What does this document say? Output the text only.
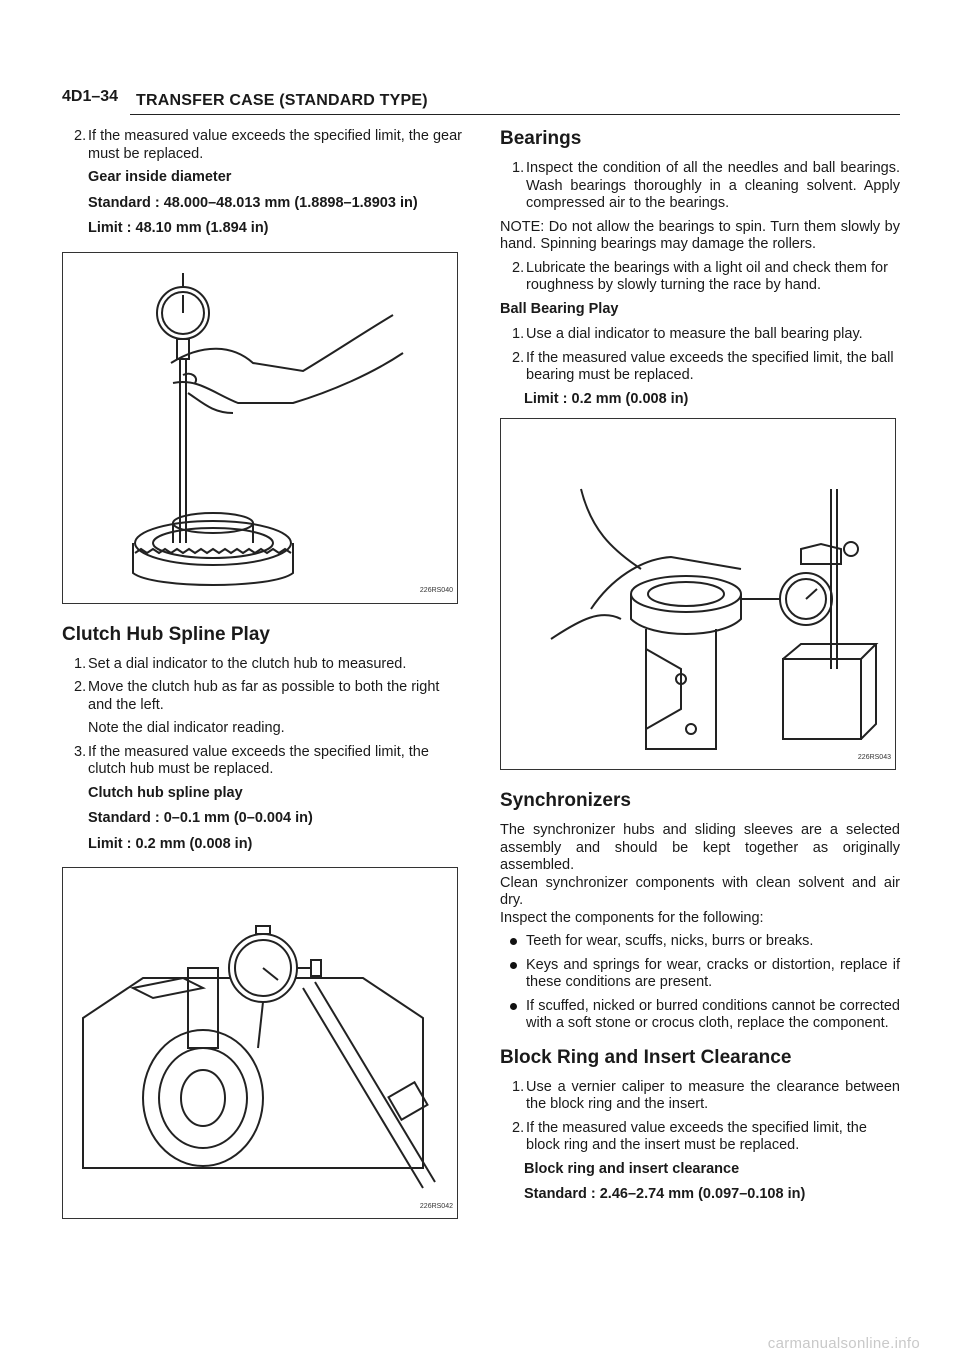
4D1–34 TRANSFER CASE (STANDARD TYPE)

2. If the measured value exceeds the specified limit, the gear must be replaced.

Gear inside diameter

Standard : 48.000–48.013 mm (1.8898–1.8903 in)

Limit : 48.10 mm (1.894 in)

226RS040

Clutch Hub Spline Play

1. Set a dial indicator to the clutch hub to measured.

2. Move the clutch hub as far as possible to both the right and the left.

Note the dial indicator reading.

3. If the measured value exceeds the specified limit, the clutch hub must be replaced.

Clutch hub spline play

Standard : 0–0.1 mm (0–0.004 in)

Limit : 0.2 mm (0.008 in)

226RS042

Bearings

1. Inspect the condition of all the needles and ball bearings. Wash bearings thoroughly in a cleaning solvent. Apply compressed air to the bearings.

NOTE: Do not allow the bearings to spin. Turn them slowly by hand. Spinning bearings may damage the rollers.

2. Lubricate the bearings with a light oil and check them for roughness by slowly turning the race by hand.

Ball Bearing Play

1. Use a dial indicator to measure the ball bearing play.

2. If the measured value exceeds the specified limit, the ball bearing must be replaced.

Limit : 0.2 mm (0.008 in)

226RS043

Synchronizers

The synchronizer hubs and sliding sleeves are a selected assembly and should be kept together as originally assembled.

Clean synchronizer components with clean solvent and air dry.

Inspect the components for the following:

Teeth for wear, scuffs, nicks, burrs or breaks.

Keys and springs for wear, cracks or distortion, replace if these conditions are present.

If scuffed, nicked or burred conditions cannot be corrected with a soft stone or crocus cloth, replace the component.

Block Ring and Insert Clearance

1. Use a vernier caliper to measure the clearance between the block ring and the insert.

2. If the measured value exceeds the specified limit, the block ring and the insert must be replaced.

Block ring and insert clearance

Standard : 2.46–2.74 mm (0.097–0.108 in)

carmanualsonline.info
